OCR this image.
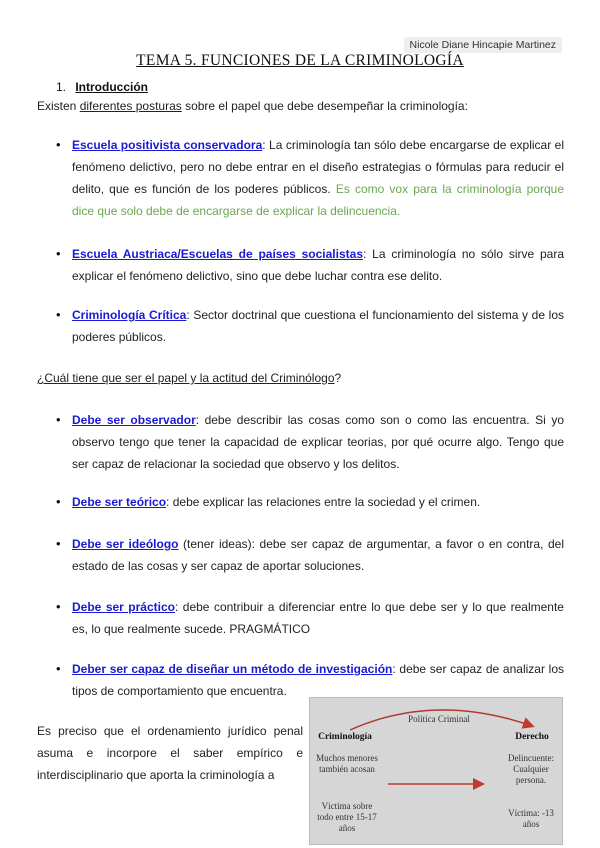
Nicole Diane Hincapie Martinez
TEMA 5. FUNCIONES DE LA CRIMINOLOGÍA
1. Introducción
Existen diferentes posturas sobre el papel que debe desempeñar la criminología:
• Escuela positivista conservadora: La criminología tan sólo debe encargarse de explicar el fenómeno delictivo, pero no debe entrar en el diseño estrategias o fórmulas para reducir el delito, que es función de los poderes públicos. Es como vox para la criminología porque dice que solo debe de encargarse de explicar la delincuencia.
• Escuela Austriaca/Escuelas de países socialistas: La criminología no sólo sirve para explicar el fenómeno delictivo, sino que debe luchar contra ese delito.
• Criminología Crítica: Sector doctrinal que cuestiona el funcionamiento del sistema y de los poderes públicos.
¿Cuál tiene que ser el papel y la actitud del Criminólogo?
• Debe ser observador: debe describir las cosas como son o como las encuentra. Si yo observo tengo que tener la capacidad de explicar teorias, por qué ocurre algo. Tengo que ser capaz de relacionar la sociedad que observo y los delitos.
• Debe ser teórico: debe explicar las relaciones entre la sociedad y el crimen.
• Debe ser ideólogo (tener ideas): debe ser capaz de argumentar, a favor o en contra, del estado de las cosas y ser capaz de aportar soluciones.
• Debe ser práctico: debe contribuir a diferenciar entre lo que debe ser y lo que realmente es, lo que realmente sucede. PRAGMÁTICO
• Deber ser capaz de diseñar un método de investigación: debe ser capaz de analizar los tipos de comportamiento que encuentra.
Es preciso que el ordenamiento jurídico penal asuma e incorpore el saber empírico e interdisciplinario que aporta la criminología a
Política Criminal
Criminología	Derecho
Muchos menores también acosan
Delincuente: Cualquier persona.
Víctima sobre todo entre 15-17 años
Víctima: -13 años
